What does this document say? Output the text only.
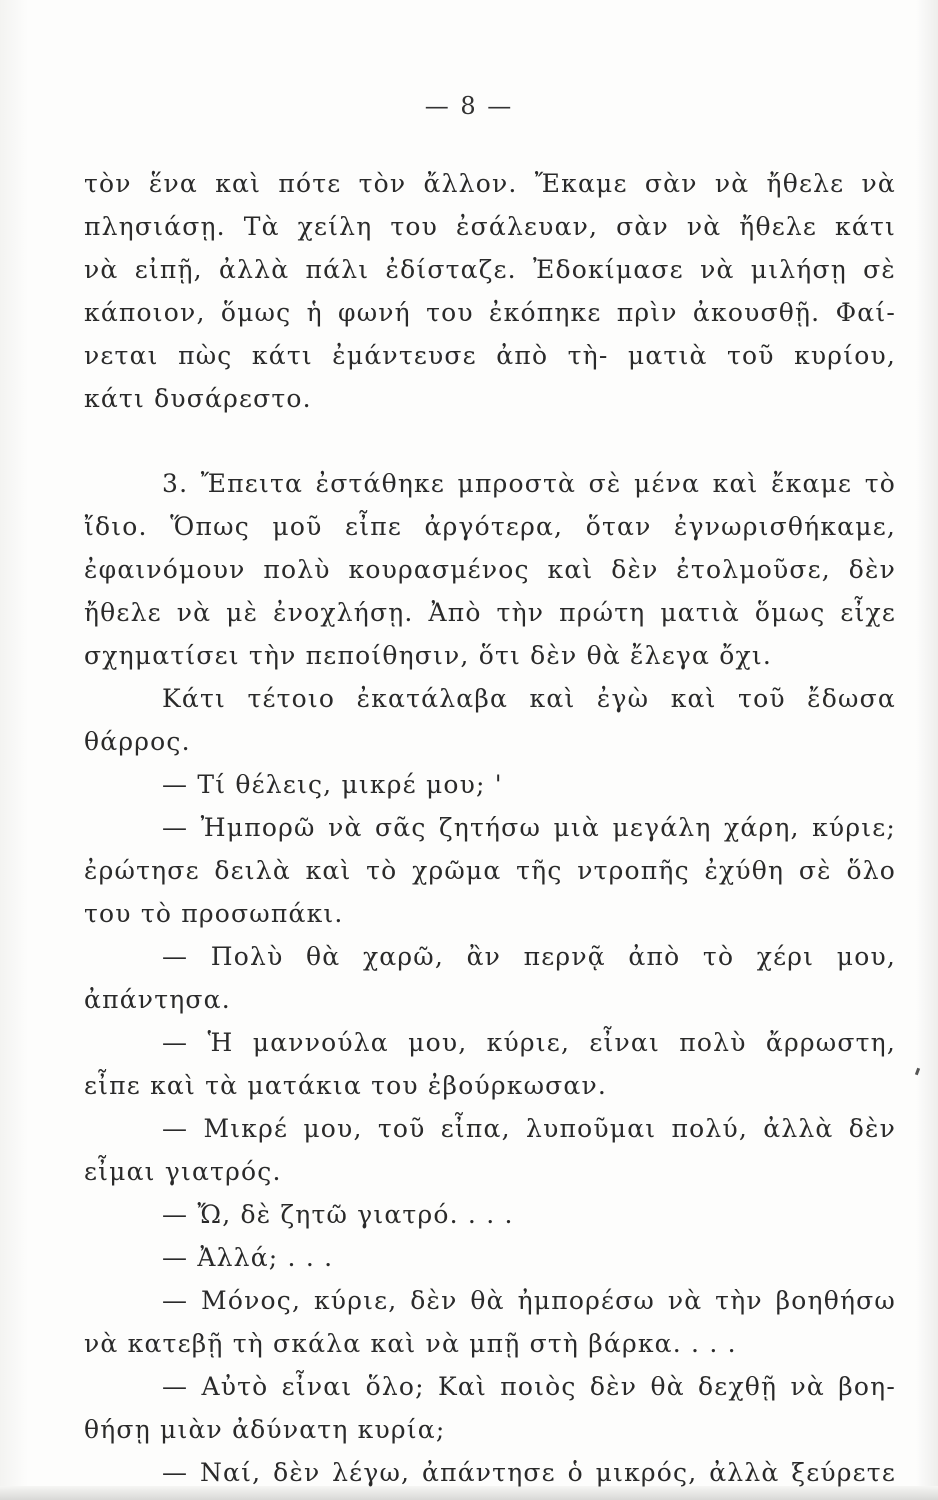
— 8 —
τὸν ἕνα καὶ πότε τὸν ἄλλον. Ἔκαμε σὰν νὰ ἤθελε νὰ
πλησιάσῃ. Τὰ χείλη του ἐσάλευαν, σὰν νὰ ἤθελε κάτι
νὰ εἰπῇ, ἀλλὰ πάλι ἐδίσταζε. Ἐδοκίμασε νὰ μιλήσῃ σὲ
κάποιον, ὅμως ἡ φωνή του ἐκόπηκε πρὶν ἀκουσθῇ. Φαί-
νεται πὼς κάτι ἐμάντευσε ἀπὸ τὴ- ματιὰ τοῦ κυρίου,
κάτι δυσάρεστο.
3. Ἔπειτα ἐστάθηκε μπροστὰ σὲ μένα καὶ ἔκαμε τὸ
ἴδιο. Ὅπως μοῦ εἶπε ἀργότερα, ὅταν ἐγνωρισθήκαμε,
ἐφαινόμουν πολὺ κουρασμένος καὶ δὲν ἐτολμοῦσε, δὲν
ἤθελε νὰ μὲ ἐνοχλήσῃ. Ἀπὸ τὴν πρώτη ματιὰ ὅμως εἶχε
σχηματίσει τὴν πεποίθησιν, ὅτι δὲν θὰ ἔλεγα ὄχι.
Κάτι τέτοιο ἐκατάλαβα καὶ ἐγὼ καὶ τοῦ ἔδωσα
θάρρος.
— Τί θέλεις, μικρέ μου; '
— Ἠμπορῶ νὰ σᾶς ζητήσω μιὰ μεγάλη χάρη, κύριε;
ἐρώτησε δειλὰ καὶ τὸ χρῶμα τῆς ντροπῆς ἐχύθη σὲ ὅλο
του τὸ προσωπάκι.
— Πολὺ θὰ χαρῶ, ἂν περνᾷ ἀπὸ τὸ χέρι μου,
ἀπάντησα.
— Ἡ μαννούλα μου, κύριε, εἶναι πολὺ ἄρρωστη,
εἶπε καὶ τὰ ματάκια του ἐβούρκωσαν.
— Μικρέ μου, τοῦ εἶπα, λυποῦμαι πολύ, ἀλλὰ δὲν
εἶμαι γιατρός.
— Ὤ, δὲ ζητῶ γιατρό. . . .
— Ἀλλά; . . .
— Μόνος, κύριε, δὲν θὰ ἠμπορέσω νὰ τὴν βοηθήσω
νὰ κατεβῇ τὴ σκάλα καὶ νὰ μπῇ στὴ βάρκα. . . .
— Αὐτὸ εἶναι ὅλο; Καὶ ποιὸς δὲν θὰ δεχθῇ νὰ βοη-
θήσῃ μιὰν ἀδύνατη κυρία;
— Ναί, δὲν λέγω, ἀπάντησε ὁ μικρός, ἀλλὰ ξεύρετε
